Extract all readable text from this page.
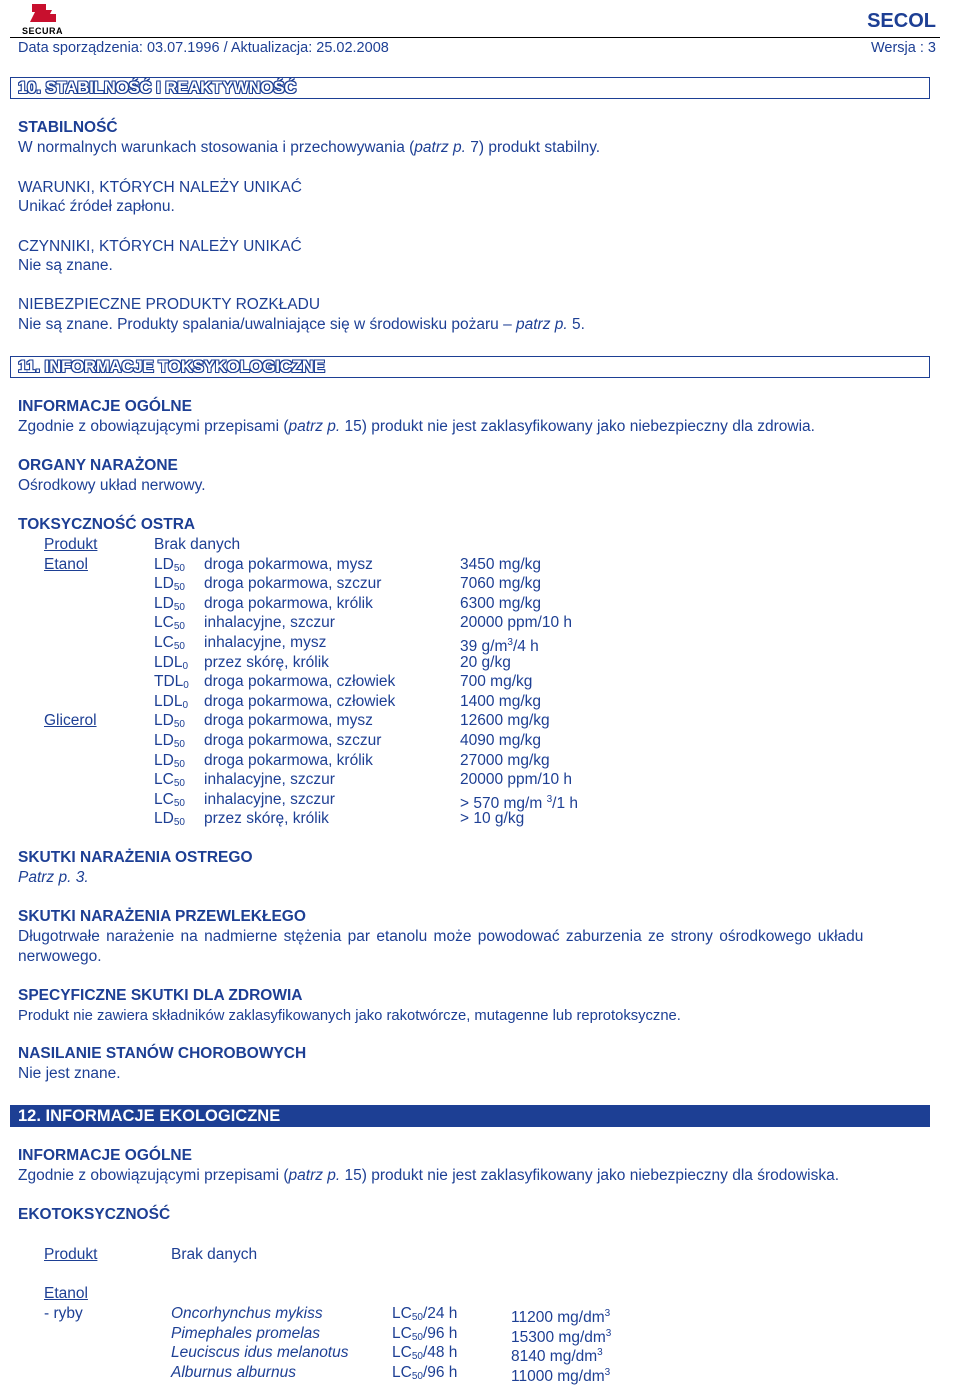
SECURA	SECOL
Data sporządzenia: 03.07.1996 / Aktualizacja: 25.02.2008	Wersja : 3
10. STABILNOŚĆ I REAKTYWNOŚĆ
STABILNOŚĆ
W normalnych warunkach stosowania i przechowywania (patrz p. 7) produkt stabilny.
WARUNKI, KTÓRYCH NALEŻY UNIKAĆ
Unikać źródeł zapłonu.
CZYNNIKI, KTÓRYCH NALEŻY UNIKAĆ
Nie są znane.
NIEBEZPIECZNE PRODUKTY ROZKŁADU
Nie są znane. Produkty spalania/uwalniające się w środowisku pożaru – patrz p. 5.
11. INFORMACJE TOKSYKOLOGICZNE
INFORMACJE OGÓLNE
Zgodnie z obowiązującymi przepisami (patrz p. 15) produkt nie jest zaklasyfikowany jako niebezpieczny dla zdrowia.
ORGANY NARAŻONE
Ośrodkowy układ nerwowy.
TOKSYCZNOŚĆ OSTRA
Produkt	Brak danych
Etanol	$LD_{50}$ droga pokarmowa, mysz	3450 mg/kg
$LD_{50}$ droga pokarmowa, szczur	7060 mg/kg
$LD_{50}$ droga pokarmowa, królik	6300 mg/kg
$LC_{50}$ inhalacyjne, szczur	20000 ppm/10 h
$LC_{50}$ inhalacyjne, mysz	39 $g/m^3/4$ h
$LDL_0$ przez skórę, królik	20 g/kg
$TDL_0$ droga pokarmowa, człowiek	700 mg/kg
$LDL_0$ droga pokarmowa, człowiek	1400 mg/kg
Glicerol	$LD_{50}$ droga pokarmowa, mysz	12600 mg/kg
$LD_{50}$ droga pokarmowa, szczur	4090 mg/kg
$LD_{50}$ droga pokarmowa, królik	27000 mg/kg
$LC_{50}$ inhalacyjne, szczur	20000 ppm/10 h
$LC_{50}$ inhalacyjne, szczur	> 570 mg/m $^3$/1 h
$LD_{50}$ przez skórę, królik	> 10 g/kg
SKUTKI NARAŻENIA OSTREGO
Patrz p. 3.
SKUTKI NARAŻENIA PRZEWLEKŁEGO
Długotrwałe narażenie na nadmierne stężenia par etanolu może powodować zaburzenia ze strony ośrodkowego układu
nerwowego.
SPECYFICZNE SKUTKI DLA ZDROWIA
Produkt nie zawiera składników zaklasyfikowanych jako rakotwórcze, mutagenne lub reprotoksyczne.
NASILANIE STANÓW CHOROBOWYCH
Nie jest znane.
12. INFORMACJE EKOLOGICZNE
INFORMACJE OGÓLNE
Zgodnie z obowiązującymi przepisami (patrz p. 15) produkt nie jest zaklasyfikowany jako niebezpieczny dla środowiska.
EKOTOKSYCZNOŚĆ
Produkt	Brak danych
Etanol
- ryby	Oncorhynchus mykiss	$LC_{50}/24$ h	11200 $mg/dm^3$
Pimephales promelas	$LC_{50}/96$ h	15300 $mg/dm^3$
Leuciscus idus melanotus	$LC_{50}/48$ h	8140 $mg/dm^3$
Alburnus alburnus	$LC_{50}/96$ h	11000 $mg/dm^3$
